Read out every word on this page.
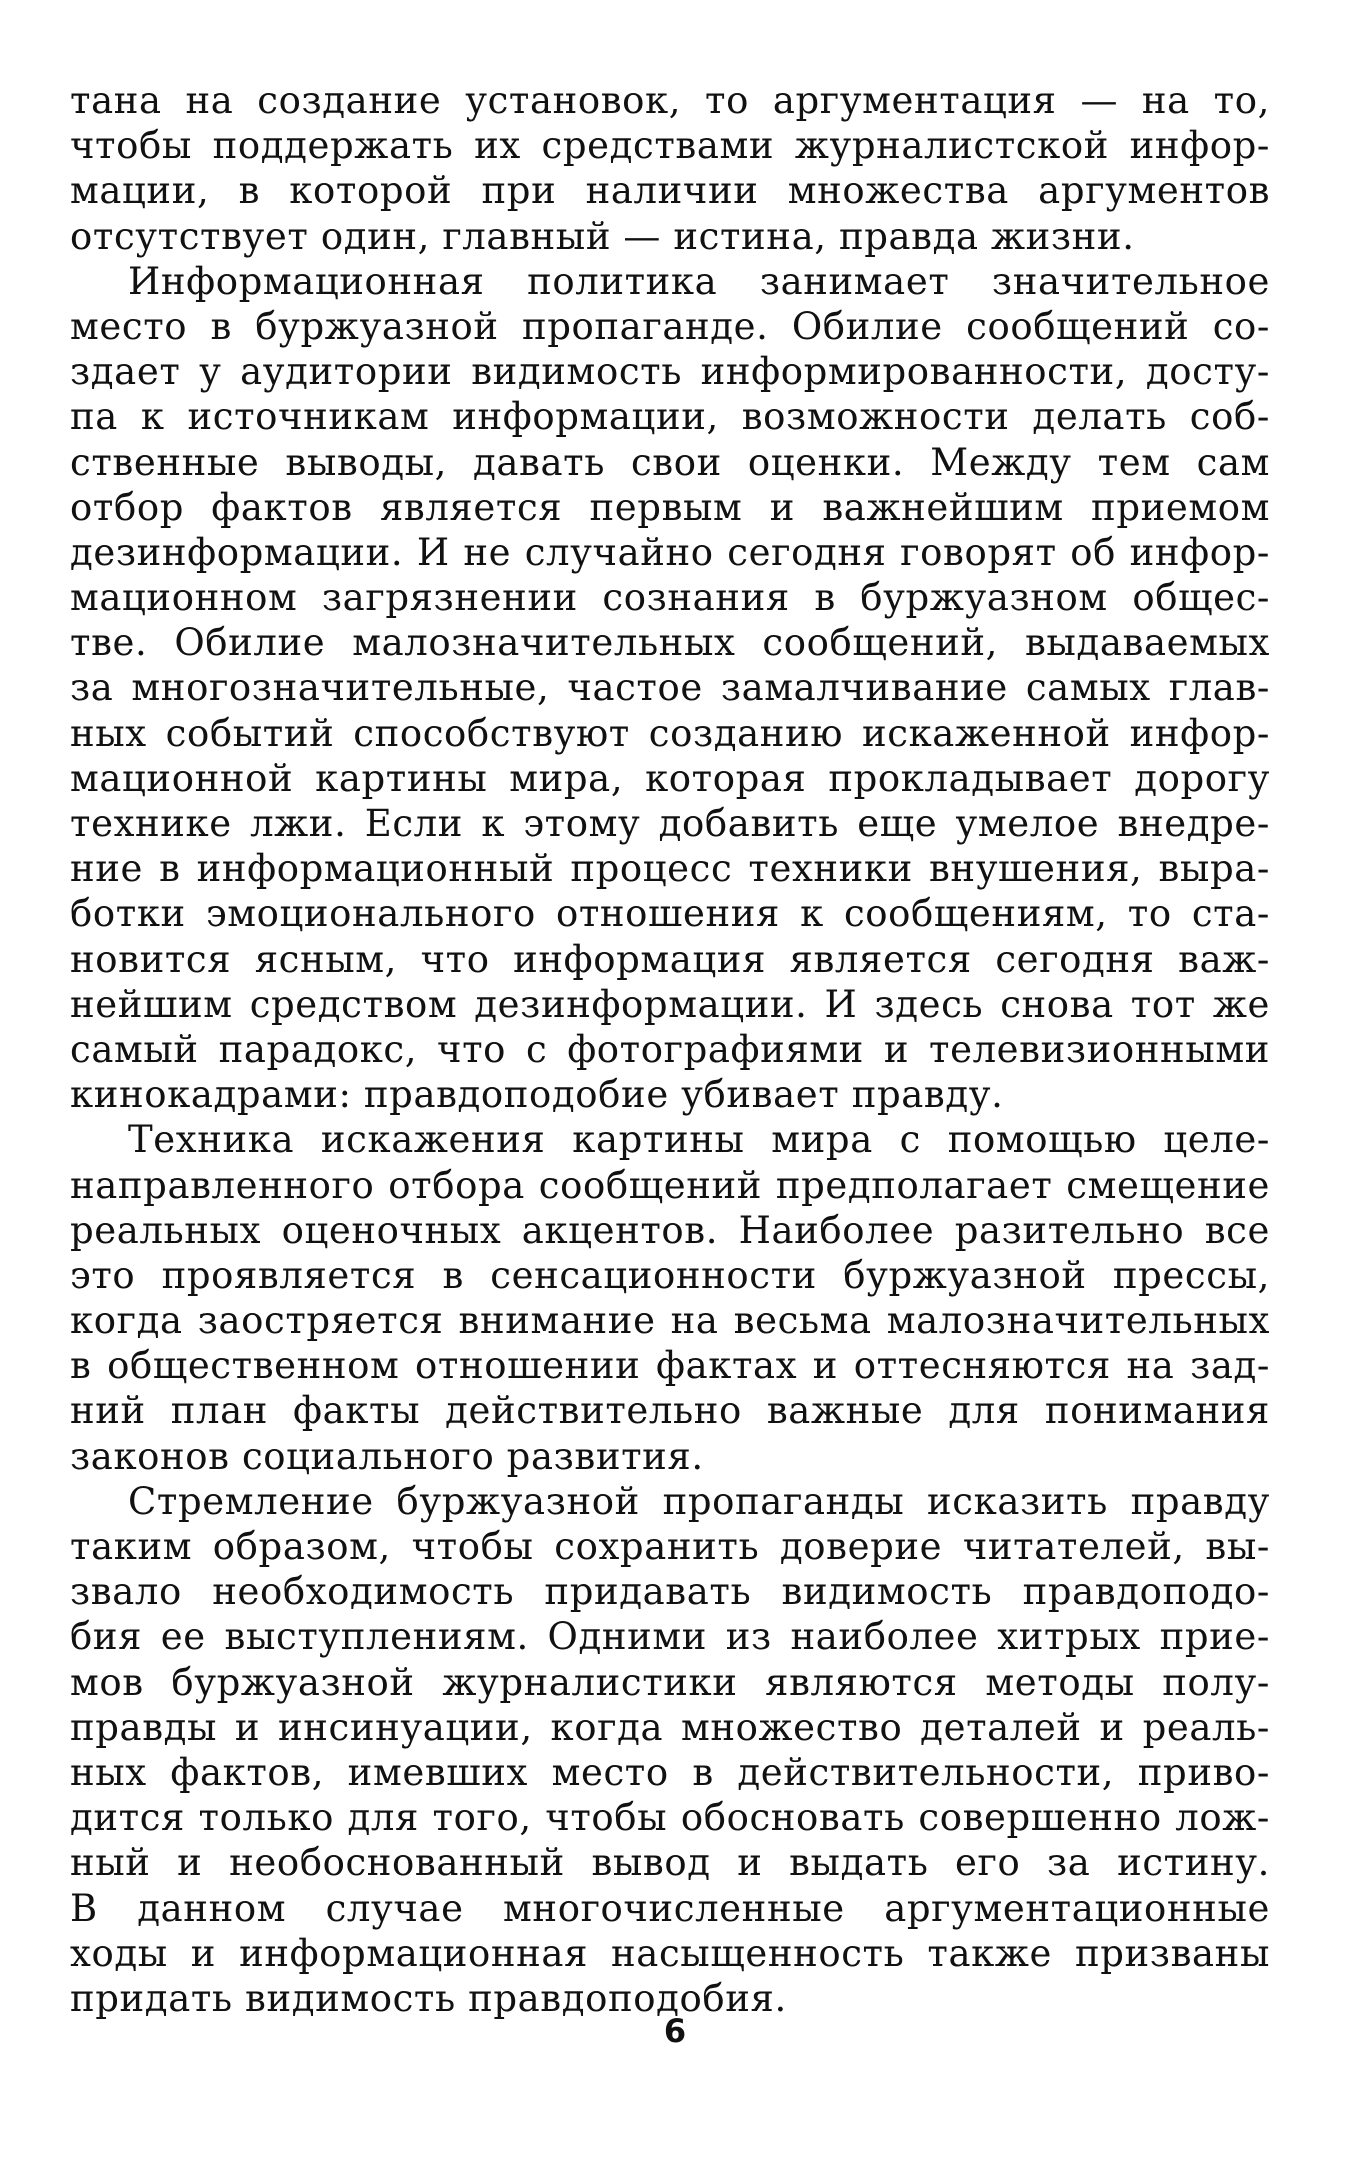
тана на создание установок, то аргументация — на то,
чтобы поддержать их средствами журналистской инфор-
мации, в которой при наличии множества аргументов
отсутствует один, главный — истина, правда жизни.
Информационная политика занимает значительное
место в буржуазной пропаганде. Обилие сообщений со-
здает у аудитории видимость информированности, досту-
па к источникам информации, возможности делать соб-
ственные выводы, давать свои оценки. Между тем сам
отбор фактов является первым и важнейшим приемом
дезинформации. И не случайно сегодня говорят об инфор-
мационном загрязнении сознания в буржуазном общес-
тве. Обилие малозначительных сообщений, выдаваемых
за многозначительные, частое замалчивание самых глав-
ных событий способствуют созданию искаженной инфор-
мационной картины мира, которая прокладывает дорогу
технике лжи. Если к этому добавить еще умелое внедре-
ние в информационный процесс техники внушения, выра-
ботки эмоционального отношения к сообщениям, то ста-
новится ясным, что информация является сегодня важ-
нейшим средством дезинформации. И здесь снова тот же
самый парадокс, что с фотографиями и телевизионными
кинокадрами: правдоподобие убивает правду.
Техника искажения картины мира с помощью целе-
направленного отбора сообщений предполагает смещение
реальных оценочных акцентов. Наиболее разительно все
это проявляется в сенсационности буржуазной прессы,
когда заостряется внимание на весьма малозначительных
в общественном отношении фактах и оттесняются на зад-
ний план факты действительно важные для понимания
законов социального развития.
Стремление буржуазной пропаганды исказить правду
таким образом, чтобы сохранить доверие читателей, вы-
звало необходимость придавать видимость правдоподо-
бия ее выступлениям. Одними из наиболее хитрых прие-
мов буржуазной журналистики являются методы полу-
правды и инсинуации, когда множество деталей и реаль-
ных фактов, имевших место в действительности, приво-
дится только для того, чтобы обосновать совершенно лож-
ный и необоснованный вывод и выдать его за истину.
В данном случае многочисленные аргументационные
ходы и информационная насыщенность также призваны
придать видимость правдоподобия.
6
